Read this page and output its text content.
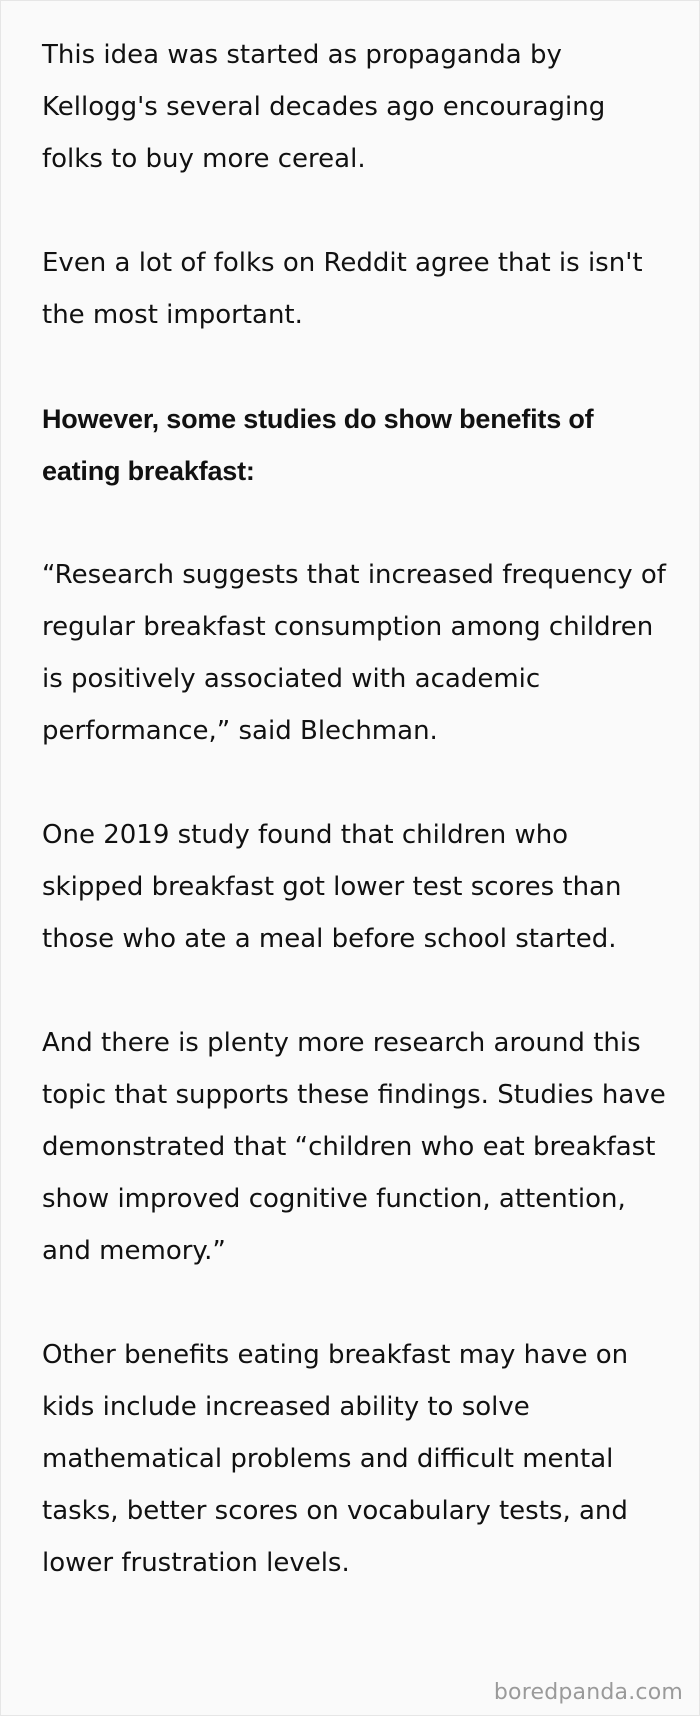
This idea was started as propaganda by Kellogg's several decades ago encouraging folks to buy more cereal.

Even a lot of folks on Reddit agree that is isn't the most important.

However, some studies do show benefits of eating breakfast:

“Research suggests that increased frequency of regular breakfast consumption among children is positively associated with academic performance,” said Blechman.

One 2019 study found that children who skipped breakfast got lower test scores than those who ate a meal before school started.

And there is plenty more research around this topic that supports these findings. Studies have demonstrated that “children who eat breakfast show improved cognitive function, attention, and memory.”

Other benefits eating breakfast may have on kids include increased ability to solve mathematical problems and difficult mental tasks, better scores on vocabulary tests, and lower frustration levels.

boredpanda.com
